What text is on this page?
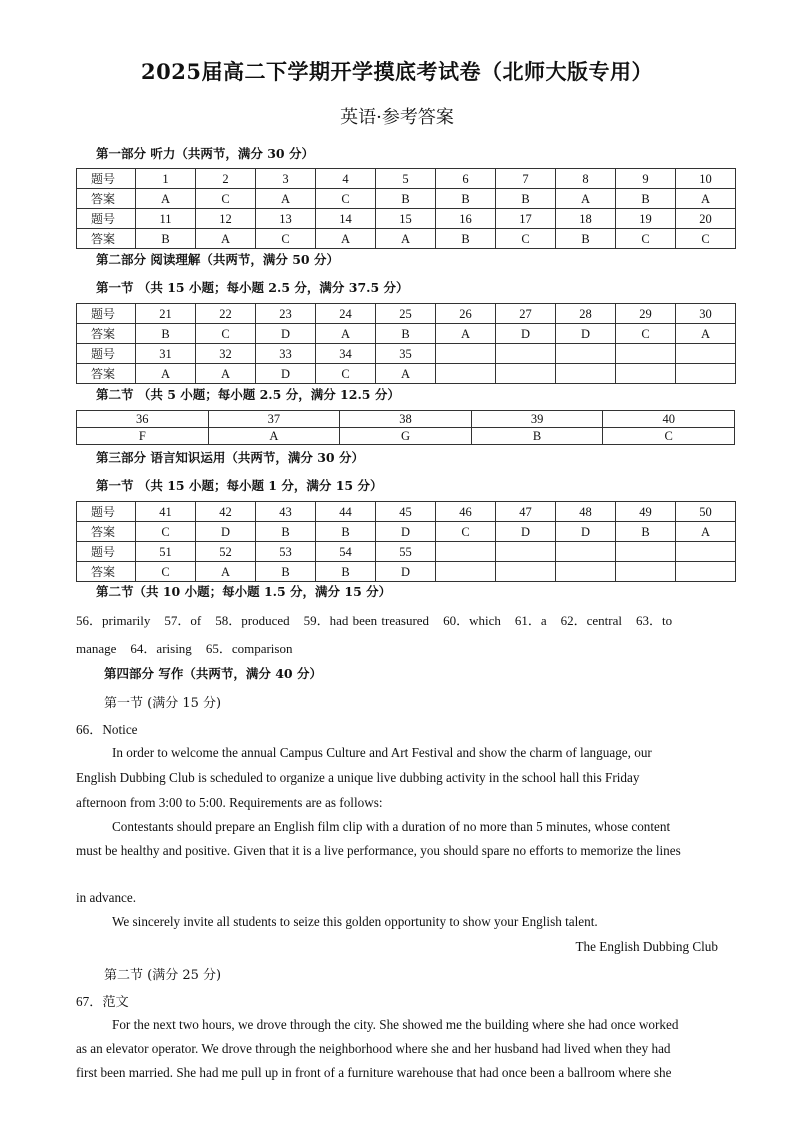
2025届高二下学期开学摸底考试卷（北师大版专用）
英语·参考答案
第一部分 听力（共两节，满分 30 分）
题号	1	2	3	4	5	6	7	8	9	10
答案	A	C	A	C	B	B	B	A	B	A
题号	11	12	13	14	15	16	17	18	19	20
答案	B	A	C	A	A	B	C	B	C	C
第二部分 阅读理解（共两节，满分 50 分）
第一节 （共 15 小题；每小题 2.5 分，满分 37.5 分）
题号	21	22	23	24	25	26	27	28	29	30
答案	B	C	D	A	B	A	D	D	C	A
题号	31	32	33	34	35					
答案	A	A	D	C	A					
第二节 （共 5 小题；每小题 2.5 分，满分 12.5 分）
36	37	38	39	40
F	A	G	B	C
第三部分 语言知识运用（共两节，满分 30 分）
第一节 （共 15 小题；每小题 1 分，满分 15 分）
题号	41	42	43	44	45	46	47	48	49	50
答案	C	D	B	B	D	C	D	D	B	A
题号	51	52	53	54	55					
答案	C	A	B	B	D					
第二节（共 10 小题；每小题 1.5 分，满分 15 分）
56．primarily 57．of 58．produced 59．had been treasured 60．which 61．a 62．central 63．to
manage 64．arising 65．comparison
第四部分 写作（共两节，满分 40 分）
第一节 (满分 15 分)
66．Notice
In order to welcome the annual Campus Culture and Art Festival and show the charm of language, our
English Dubbing Club is scheduled to organize a unique live dubbing activity in the school hall this Friday
afternoon from 3:00 to 5:00. Requirements are as follows:
Contestants should prepare an English film clip with a duration of no more than 5 minutes, whose content
must be healthy and positive. Given that it is a live performance, you should spare no efforts to memorize the lines
in advance.
We sincerely invite all students to seize this golden opportunity to show your English talent.
The English Dubbing Club
第二节 (满分 25 分)
67．范文
For the next two hours, we drove through the city. She showed me the building where she had once worked
as an elevator operator. We drove through the neighborhood where she and her husband had lived when they had
first been married. She had me pull up in front of a furniture warehouse that had once been a ballroom where she
